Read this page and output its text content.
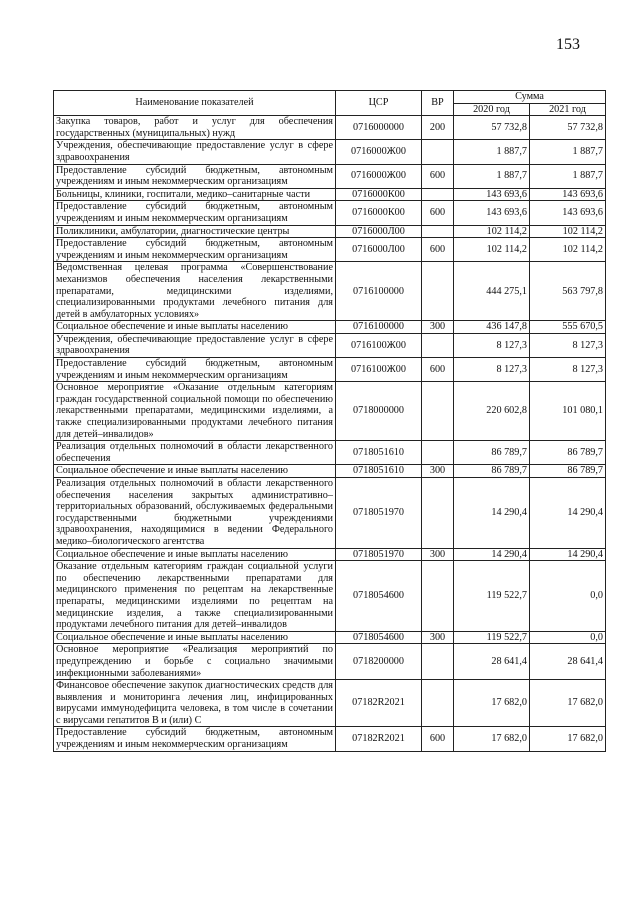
153
Наименование показателей	ЦСР	ВР	Сумма	
			2020 год	2021 год
Закупка товаров, работ и услуг для обеспечения государственных (муниципальных) нужд	0716000000	200	57 732,8	57 732,8
Учреждения, обеспечивающие предоставление услуг в сфере здравоохранения	0716000Ж00		1 887,7	1 887,7
Предоставление субсидий бюджетным, автономным учреждениям и иным некоммерческим организациям	0716000Ж00	600	1 887,7	1 887,7
Больницы, клиники, госпитали, медико–санитарные части	0716000К00		143 693,6	143 693,6
Предоставление субсидий бюджетным, автономным учреждениям и иным некоммерческим организациям	0716000К00	600	143 693,6	143 693,6
Поликлиники, амбулатории, диагностические центры	0716000Л00		102 114,2	102 114,2
Предоставление субсидий бюджетным, автономным учреждениям и иным некоммерческим организациям	0716000Л00	600	102 114,2	102 114,2
Ведомственная целевая программа «Совершенствование механизмов обеспечения населения лекарственными препаратами, медицинскими изделиями, специализированными продуктами лечебного питания для детей в амбулаторных условиях»	0716100000		444 275,1	563 797,8
Социальное обеспечение и иные выплаты населению	0716100000	300	436 147,8	555 670,5
Учреждения, обеспечивающие предоставление услуг в сфере здравоохранения	0716100Ж00		8 127,3	8 127,3
Предоставление субсидий бюджетным, автономным учреждениям и иным некоммерческим организациям	0716100Ж00	600	8 127,3	8 127,3
Основное мероприятие «Оказание отдельным категориям граждан государственной социальной помощи по обеспечению лекарственными препаратами, медицинскими изделиями, а также специализированными продуктами лечебного питания для детей–инвалидов»	0718000000		220 602,8	101 080,1
Реализация отдельных полномочий в области лекарственного обеспечения	0718051610		86 789,7	86 789,7
Социальное обеспечение и иные выплаты населению	0718051610	300	86 789,7	86 789,7
Реализация отдельных полномочий в области лекарственного обеспечения населения закрытых административно–территориальных образований, обслуживаемых федеральными государственными бюджетными учреждениями здравоохранения, находящимися в ведении Федерального медико–биологического агентства	0718051970		14 290,4	14 290,4
Социальное обеспечение и иные выплаты населению	0718051970	300	14 290,4	14 290,4
Оказание отдельным категориям граждан социальной услуги по обеспечению лекарственными препаратами для медицинского применения по рецептам на лекарственные препараты, медицинскими изделиями по рецептам на медицинские изделия, а также специализированными продуктами лечебного питания для детей–инвалидов	0718054600		119 522,7	0,0
Социальное обеспечение и иные выплаты населению	0718054600	300	119 522,7	0,0
Основное мероприятие «Реализация мероприятий по предупреждению и борьбе с социально значимыми инфекционными заболеваниями»	0718200000		28 641,4	28 641,4
Финансовое обеспечение закупок диагностических средств для выявления и мониторинга лечения лиц, инфицированных вирусами иммунодефицита человека, в том числе в сочетании с вирусами гепатитов В и (или) С	07182R2021		17 682,0	17 682,0
Предоставление субсидий бюджетным, автономным учреждениям и иным некоммерческим организациям	07182R2021	600	17 682,0	17 682,0
